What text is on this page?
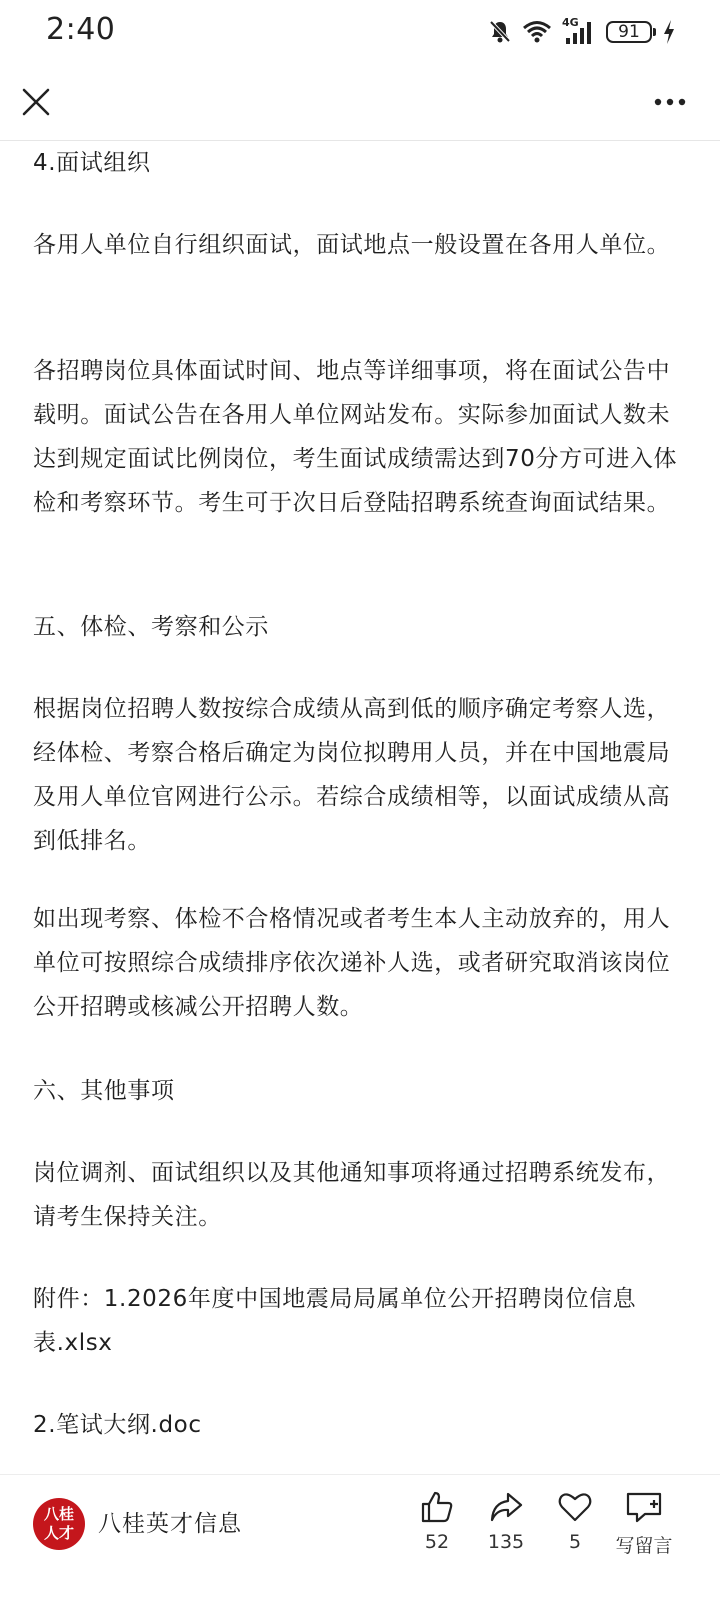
2:40	4G 91

4.面试组织

各用人单位自行组织面试，面试地点一般设置在各用人单位。

各招聘岗位具体面试时间、地点等详细事项，将在面试公告中载明。面试公告在各用人单位网站发布。实际参加面试人数未达到规定面试比例岗位，考生面试成绩需达到70分方可进入体检和考察环节。考生可于次日后登陆招聘系统查询面试结果。

五、体检、考察和公示

根据岗位招聘人数按综合成绩从高到低的顺序确定考察人选，经体检、考察合格后确定为岗位拟聘用人员，并在中国地震局及用人单位官网进行公示。若综合成绩相等，以面试成绩从高到低排名。

如出现考察、体检不合格情况或者考生本人主动放弃的，用人单位可按照综合成绩排序依次递补人选，或者研究取消该岗位公开招聘或核减公开招聘人数。

六、其他事项

岗位调剂、面试组织以及其他通知事项将通过招聘系统发布，请考生保持关注。

附件：1.2026年度中国地震局局属单位公开招聘岗位信息表.xlsx

2.笔试大纲.doc

八桂
人才 八桂英才信息
52	135	5	写留言
